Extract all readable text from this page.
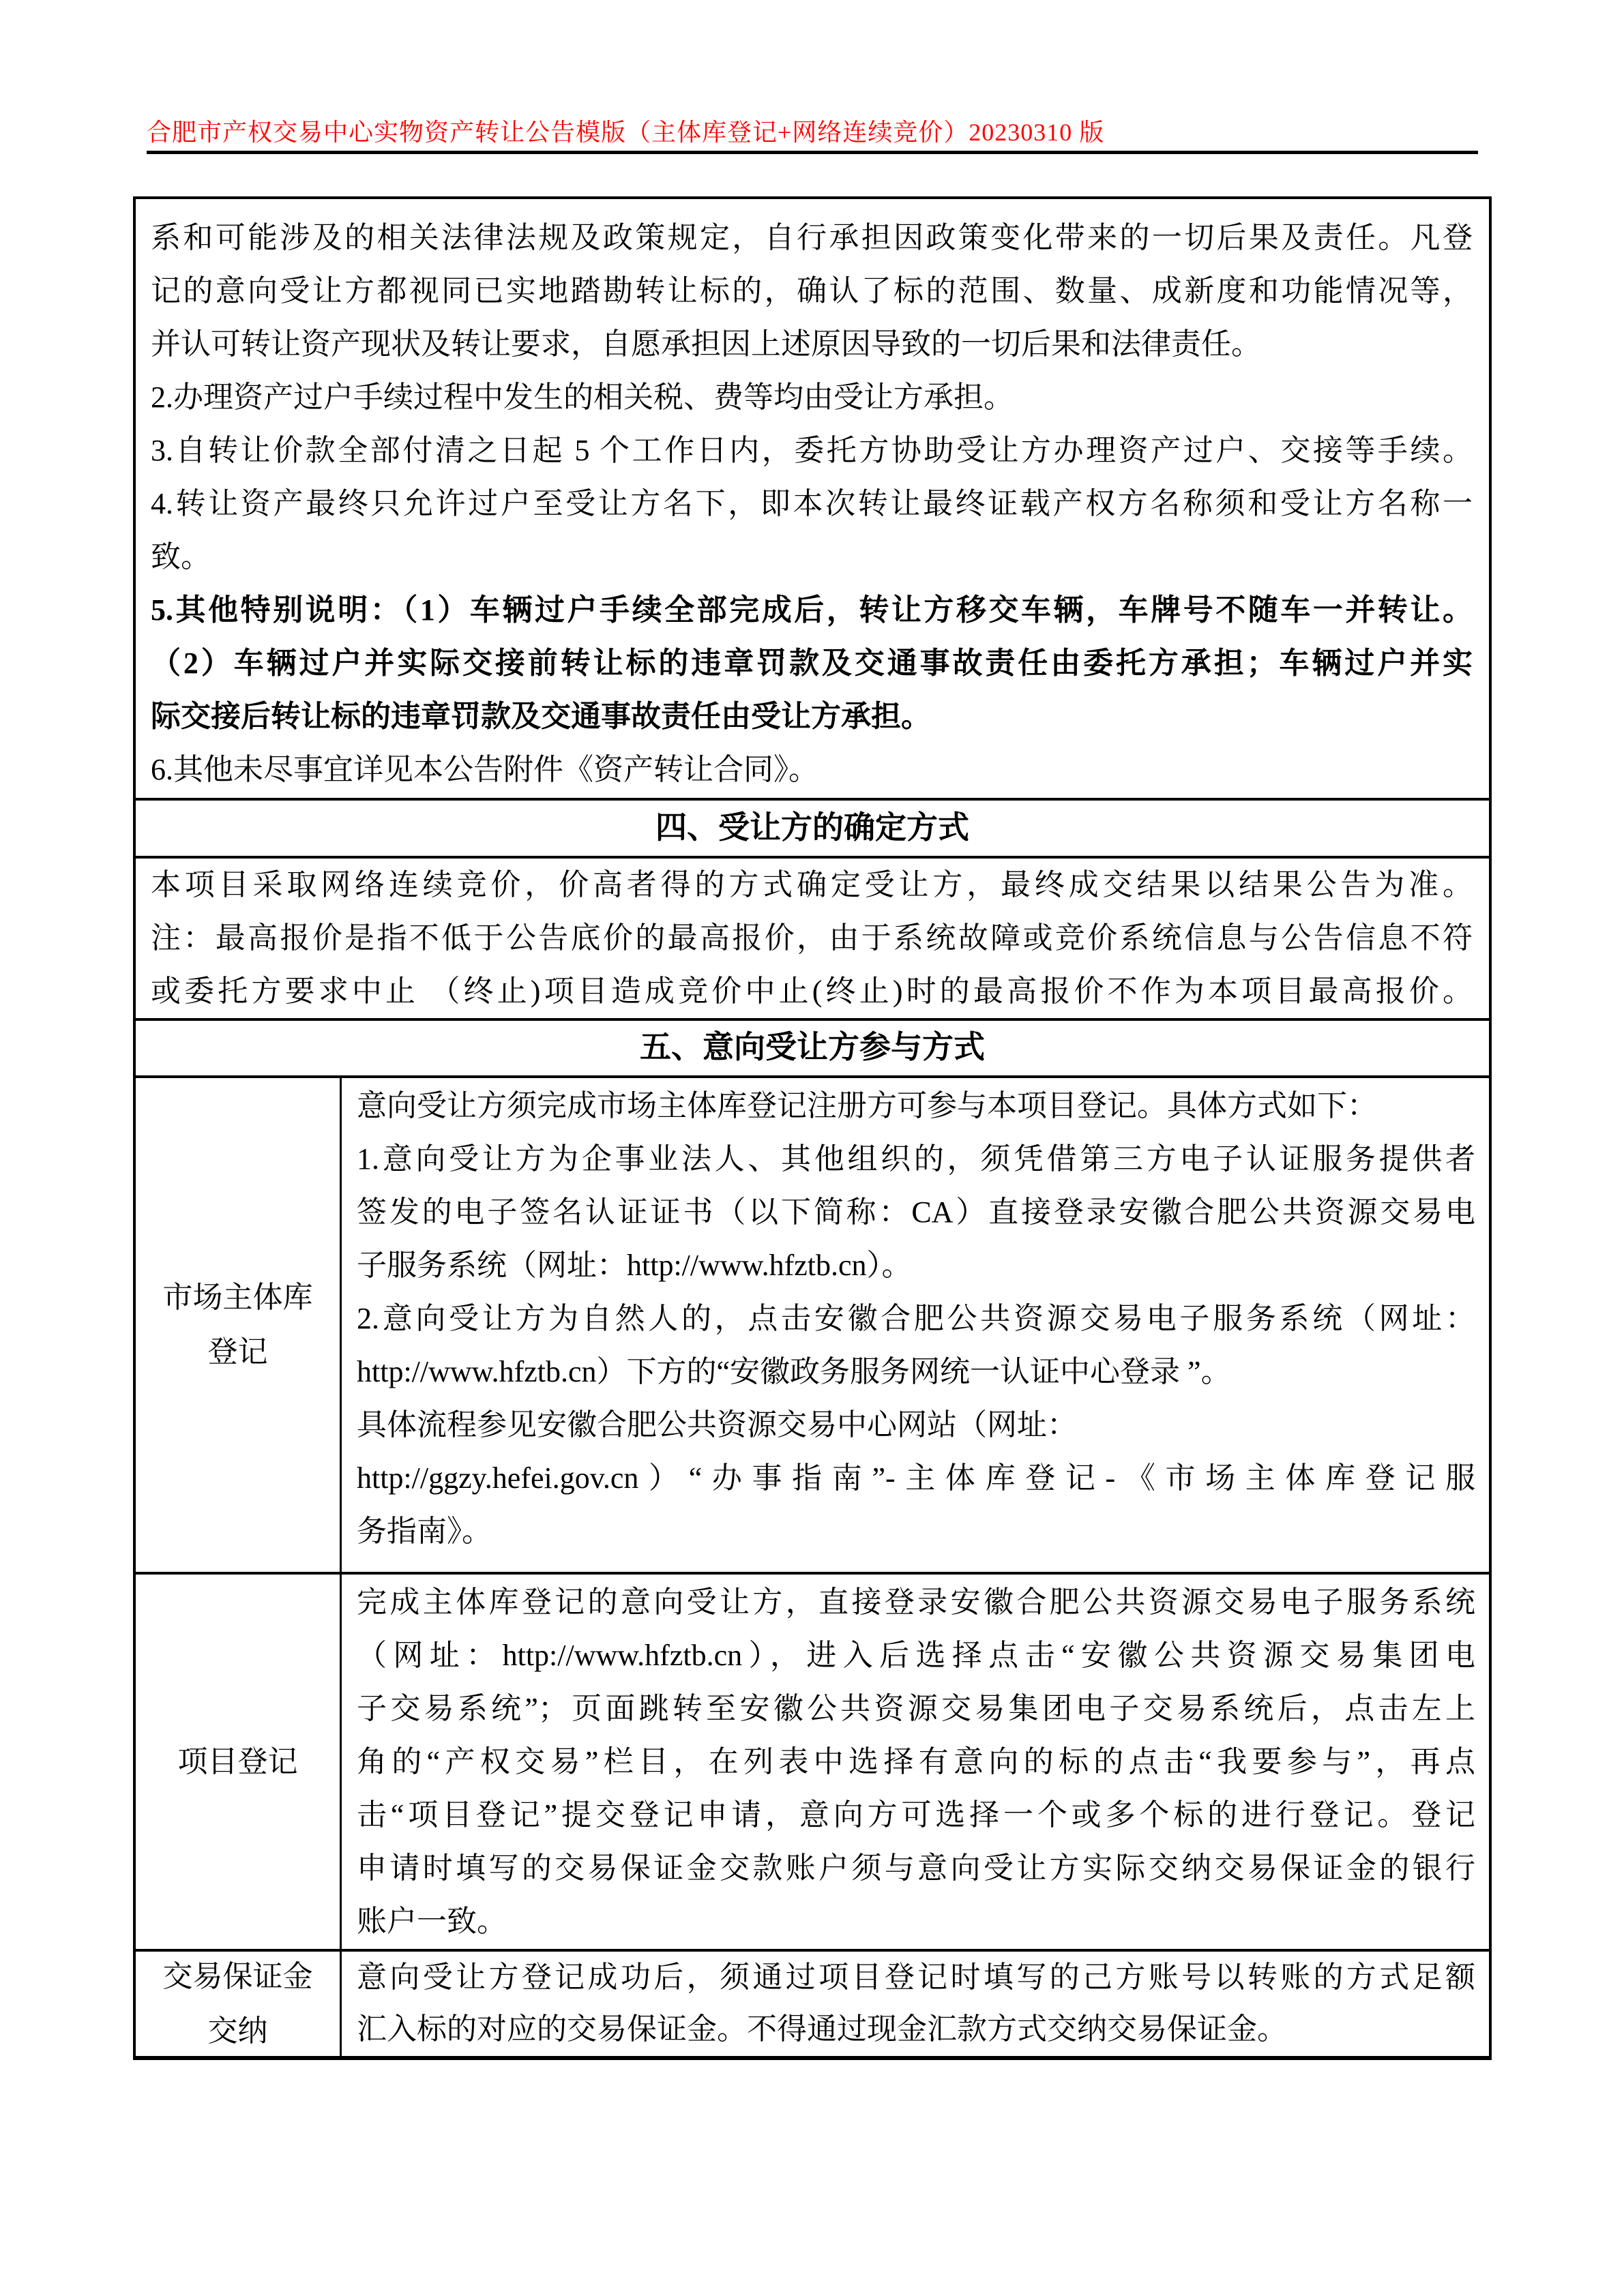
合肥市产权交易中心实物资产转让公告模版（主体库登记+网络连续竞价）20230310 版
系和可能涉及的相关法律法规及政策规定，自行承担因政策变化带来的一切后果及责任。凡登
记的意向受让方都视同已实地踏勘转让标的，确认了标的范围、数量、成新度和功能情况等，
并认可转让资产现状及转让要求，自愿承担因上述原因导致的一切后果和法律责任。
2.办理资产过户手续过程中发生的相关税、费等均由受让方承担。
3.自转让价款全部付清之日起 5 个工作日内，委托方协助受让方办理资产过户、交接等手续。
4.转让资产最终只允许过户至受让方名下，即本次转让最终证载产权方名称须和受让方名称一
致。
5.其他特别说明：（1）车辆过户手续全部完成后，转让方移交车辆，车牌号不随车一并转让。
（2）车辆过户并实际交接前转让标的违章罚款及交通事故责任由委托方承担；车辆过户并实
际交接后转让标的违章罚款及交通事故责任由受让方承担。
6.其他未尽事宜详见本公告附件《资产转让合同》。
四、受让方的确定方式
本项目采取网络连续竞价，价高者得的方式确定受让方，最终成交结果以结果公告为准。
注：最高报价是指不低于公告底价的最高报价，由于系统故障或竞价系统信息与公告信息不符
或委托方要求中止 （终止)项目造成竞价中止(终止)时的最高报价不作为本项目最高报价。
五、意向受让方参与方式
市场主体库
登记
意向受让方须完成市场主体库登记注册方可参与本项目登记。具体方式如下：
1.意向受让方为企事业法人、其他组织的，须凭借第三方电子认证服务提供者
签发的电子签名认证证书（以下简称：CA）直接登录安徽合肥公共资源交易电
子服务系统（网址：http://www.hfztb.cn）。
2.意向受让方为自然人的，点击安徽合肥公共资源交易电子服务系统（网址：
http://www.hfztb.cn）下方的“安徽政务服务网统一认证中心登录 ”。
具体流程参见安徽合肥公共资源交易中心网站（网址：
http://ggzy.hefei.gov.cn）“办事指南”-主体库登记-《市场主体库登记服
务指南》。
项目登记
完成主体库登记的意向受让方，直接登录安徽合肥公共资源交易电子服务系统
（网址：http://www.hfztb.cn），进入后选择点击“安徽公共资源交易集团电
子交易系统”；页面跳转至安徽公共资源交易集团电子交易系统后，点击左上
角的“产权交易”栏目，在列表中选择有意向的标的点击“我要参与”，再点
击“项目登记”提交登记申请，意向方可选择一个或多个标的进行登记。登记
申请时填写的交易保证金交款账户须与意向受让方实际交纳交易保证金的银行
账户一致。
交易保证金
交纳
意向受让方登记成功后，须通过项目登记时填写的己方账号以转账的方式足额
汇入标的对应的交易保证金。不得通过现金汇款方式交纳交易保证金。
